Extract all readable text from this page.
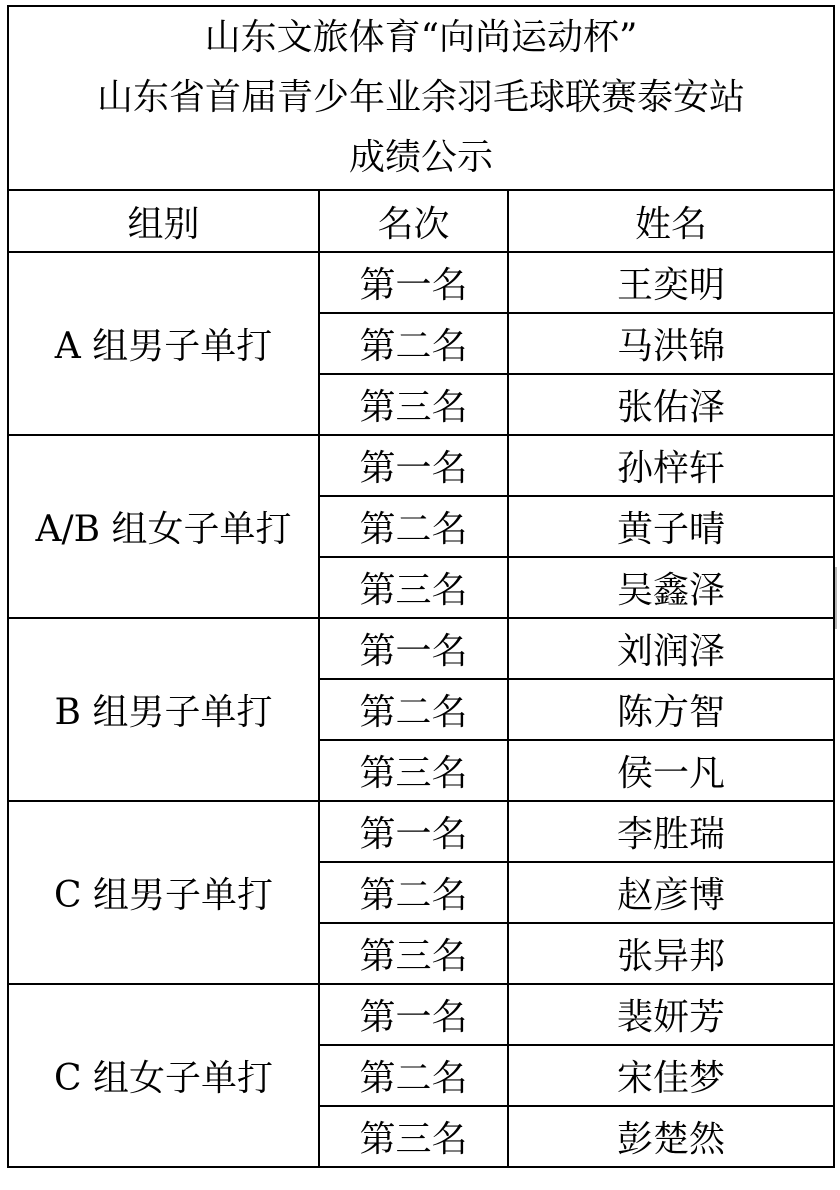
山东文旅体育“向尚运动杯”
山东省首届青少年业余羽毛球联赛泰安站
成绩公示		

组别	名次	姓名
A 组男子单打	第一名	王奕明
	第二名	马洪锦
	第三名	张佑泽
A/B 组女子单打	第一名	孙梓轩
	第二名	黄子晴
	第三名	吴鑫泽
B 组男子单打	第一名	刘润泽
	第二名	陈方智
	第三名	侯一凡
C 组男子单打	第一名	李胜瑞
	第二名	赵彦博
	第三名	张异邦
C 组女子单打	第一名	裴妍芳
	第二名	宋佳梦
	第三名	彭楚然
